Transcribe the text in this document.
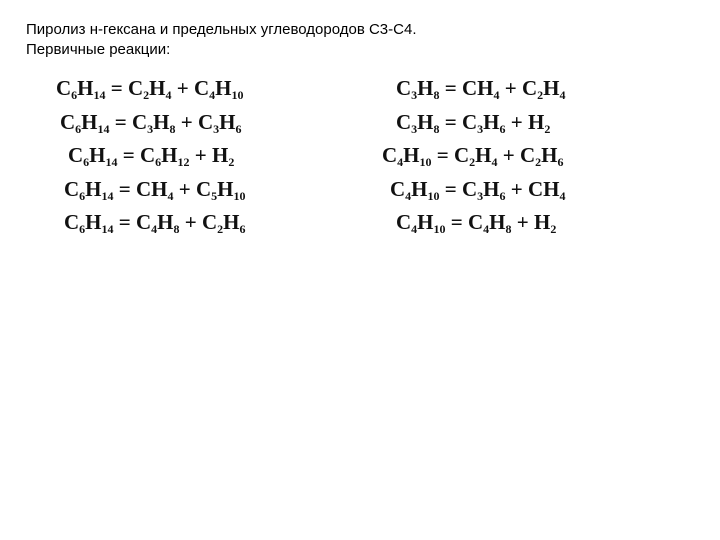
Пиролиз н-гексана и предельных углеводородов С3-С4.
Первичные реакции:
$C_6H_{14} = C_2H_4 + C_4H_{10}$
$C_6H_{14} = C_3H_8 + C_3H_6$
$C_6H_{14} = C_6H_{12} + H_2$
$C_6H_{14} = CH_4 + C_5H_{10}$
$C_6H_{14} = C_4H_8 + C_2H_6$
$C_3H_8 = CH_4 + C_2H_4$
$C_3H_8 = C_3H_6 + H_2$
$C_4H_{10} = C_2H_4 + C_2H_6$
$C_4H_{10} = C_3H_6 + CH_4$
$C_4H_{10} = C_4H_8 + H_2$
